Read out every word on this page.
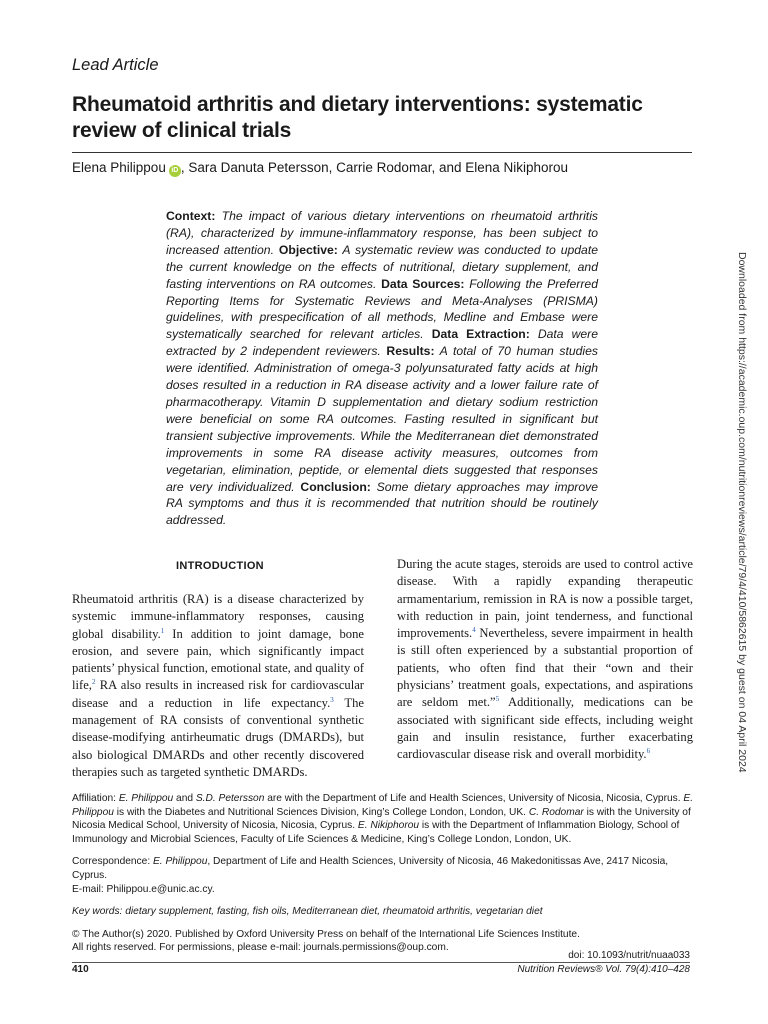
Lead Article
Rheumatoid arthritis and dietary interventions: systematic review of clinical trials
Elena Philippou iD , Sara Danuta Petersson, Carrie Rodomar, and Elena Nikiphorou

Context: The impact of various dietary interventions on rheumatoid arthritis (RA), characterized by immune-inflammatory response, has been subject to increased attention. Objective: A systematic review was conducted to update the current knowledge on the effects of nutritional, dietary supplement, and fasting interventions on RA outcomes. Data Sources: Following the Preferred Reporting Items for Systematic Reviews and Meta-Analyses (PRISMA) guidelines, with prespecification of all methods, Medline and Embase were systematically searched for relevant articles. Data Extraction: Data were extracted by 2 independent reviewers. Results: A total of 70 human studies were identified. Administration of omega-3 polyunsaturated fatty acids at high doses resulted in a reduction in RA disease activity and a lower failure rate of pharmacotherapy. Vitamin D supplementation and dietary sodium restriction were beneficial on some RA outcomes. Fasting resulted in significant but transient subjective improvements. While the Mediterranean diet demonstrated improvements in some RA disease activity measures, outcomes from vegetarian, elimination, peptide, or elemental diets suggested that responses are very individualized. Conclusion: Some dietary approaches may improve RA symptoms and thus it is recommended that nutrition should be routinely addressed.

INTRODUCTION

Rheumatoid arthritis (RA) is a disease characterized by systemic immune-inflammatory responses, causing global disability.$^1$ In addition to joint damage, bone erosion, and severe pain, which significantly impact patients’ physical function, emotional state, and quality of life,$^2$ RA also results in increased risk for cardiovascular disease and a reduction in life expectancy.$^3$ The management of RA consists of conventional synthetic disease-modifying antirheumatic drugs (DMARDs), but also biological DMARDs and other recently discovered therapies such as targeted synthetic DMARDs.

During the acute stages, steroids are used to control active disease. With a rapidly expanding therapeutic armamentarium, remission in RA is now a possible target, with reduction in pain, joint tenderness, and functional improvements.$^4$ Nevertheless, severe impairment in health is still often experienced by a substantial proportion of patients, who often find that their “own and their physicians’ treatment goals, expectations, and aspirations are seldom met.”$^5$ Additionally, medications can be associated with significant side effects, including weight gain and insulin resistance, further exacerbating cardiovascular disease risk and overall morbidity.$^6$

Affiliation: E. Philippou and S.D. Petersson are with the Department of Life and Health Sciences, University of Nicosia, Nicosia, Cyprus. E. Philippou is with the Diabetes and Nutritional Sciences Division, King’s College London, London, UK. C. Rodomar is with the University of Nicosia Medical School, University of Nicosia, Nicosia, Cyprus. E. Nikiphorou is with the Department of Inflammation Biology, School of Immunology and Microbial Sciences, Faculty of Life Sciences & Medicine, King’s College London, London, UK.

Correspondence: E. Philippou, Department of Life and Health Sciences, University of Nicosia, 46 Makedonitissas Ave, 2417 Nicosia, Cyprus.
E-mail: Philippou.e@unic.ac.cy.

Key words: dietary supplement, fasting, fish oils, Mediterranean diet, rheumatoid arthritis, vegetarian diet

© The Author(s) 2020. Published by Oxford University Press on behalf of the International Life Sciences Institute.
All rights reserved. For permissions, please e-mail: journals.permissions@oup.com.

doi: 10.1093/nutrit/nuaa033
410	Nutrition Reviews® Vol. 79(4):410–428
Downloaded from https://academic.oup.com/nutritionreviews/article/79/4/410/5862615 by guest on 04 April 2024
